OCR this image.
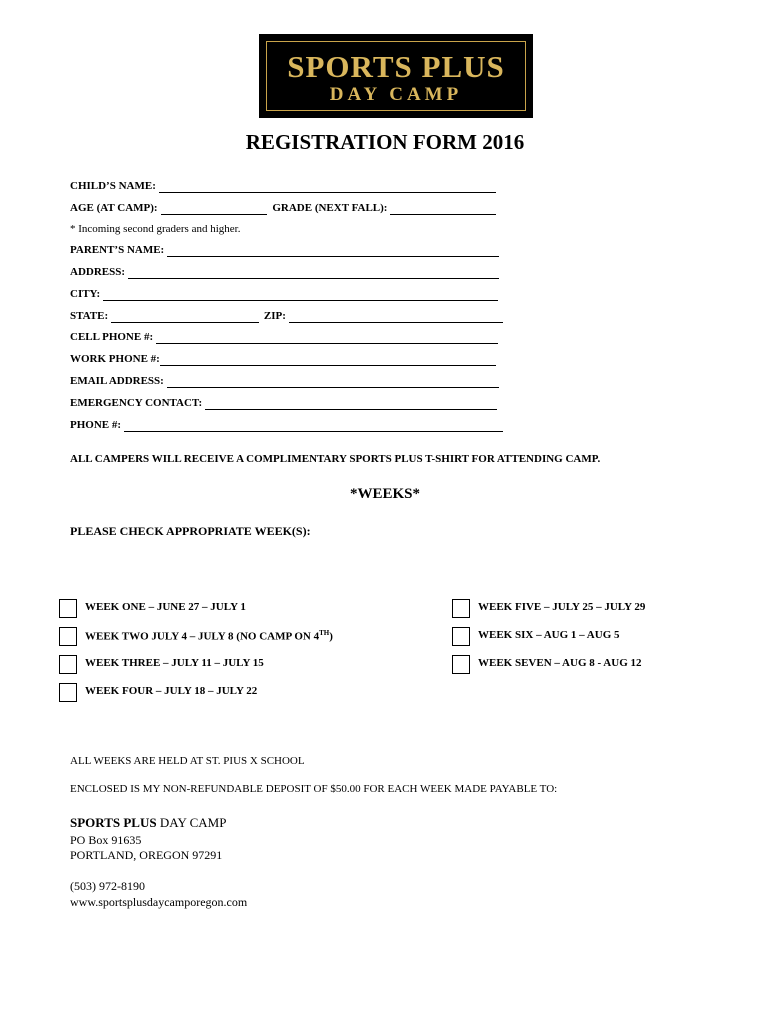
SPORTS PLUS
DAY CAMP
REGISTRATION FORM 2016
CHILD’S NAME:
AGE (AT CAMP):	GRADE (NEXT FALL):
* Incoming second graders and higher.
PARENT’S NAME:
ADDRESS:
CITY:
STATE:	ZIP:
CELL PHONE #:
WORK PHONE #:
EMAIL ADDRESS:
EMERGENCY CONTACT:
PHONE #:
ALL CAMPERS WILL RECEIVE A COMPLIMENTARY SPORTS PLUS T-SHIRT FOR ATTENDING CAMP.
*WEEKS*
PLEASE CHECK APPROPRIATE WEEK(S):
WEEK ONE – JUNE 27 – JULY 1
WEEK TWO JULY 4 – JULY 8 (NO CAMP ON 4TH)
WEEK THREE – JULY 11 – JULY 15
WEEK FOUR – JULY 18 – JULY 22
WEEK FIVE – JULY 25 – JULY 29
WEEK SIX – AUG 1 – AUG 5
WEEK SEVEN – AUG 8 - AUG 12
ALL WEEKS ARE HELD AT ST. PIUS X SCHOOL
ENCLOSED IS MY NON-REFUNDABLE DEPOSIT OF $50.00 FOR EACH WEEK MADE PAYABLE TO:
SPORTS PLUS DAY CAMP
PO Box 91635
PORTLAND, OREGON 97291
(503) 972-8190
www.sportsplusdaycamporegon.com
